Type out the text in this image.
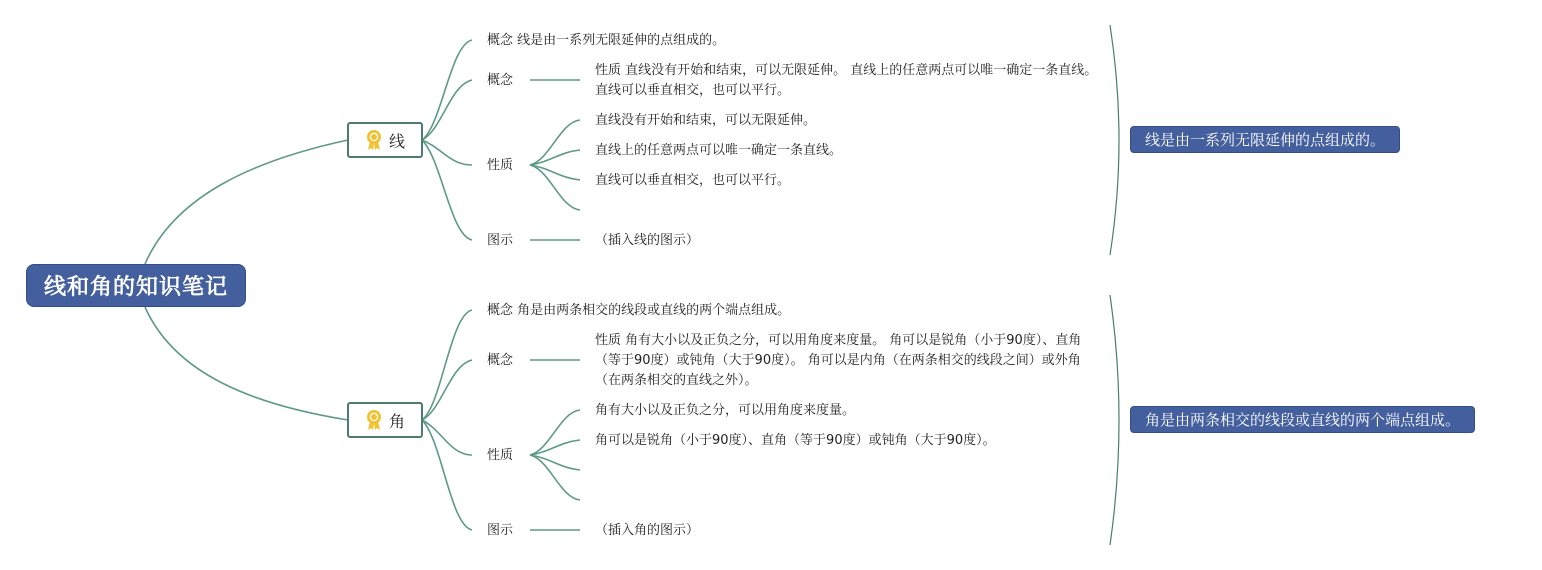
线和角的知识笔记
线
角
概念 线是由一系列无限延伸的点组成的。
概念
性质 直线没有开始和结束，可以无限延伸。 直线上的任意两点可以唯一确定一条直线。 直线可以垂直相交，也可以平行。
性质
直线没有开始和结束，可以无限延伸。
直线上的任意两点可以唯一确定一条直线。
直线可以垂直相交，也可以平行。
图示	（插入线的图示）
概念 角是由两条相交的线段或直线的两个端点组成。
概念
性质 角有大小以及正负之分，可以用角度来度量。 角可以是锐角（小于90度）、直角（等于90度）或钝角（大于90度）。 角可以是内角（在两条相交的线段之间）或外角（在两条相交的直线之外）。
性质
角有大小以及正负之分，可以用角度来度量。
角可以是锐角（小于90度）、直角（等于90度）或钝角（大于90度）。
图示	（插入角的图示）
线是由一系列无限延伸的点组成的。
角是由两条相交的线段或直线的两个端点组成。
